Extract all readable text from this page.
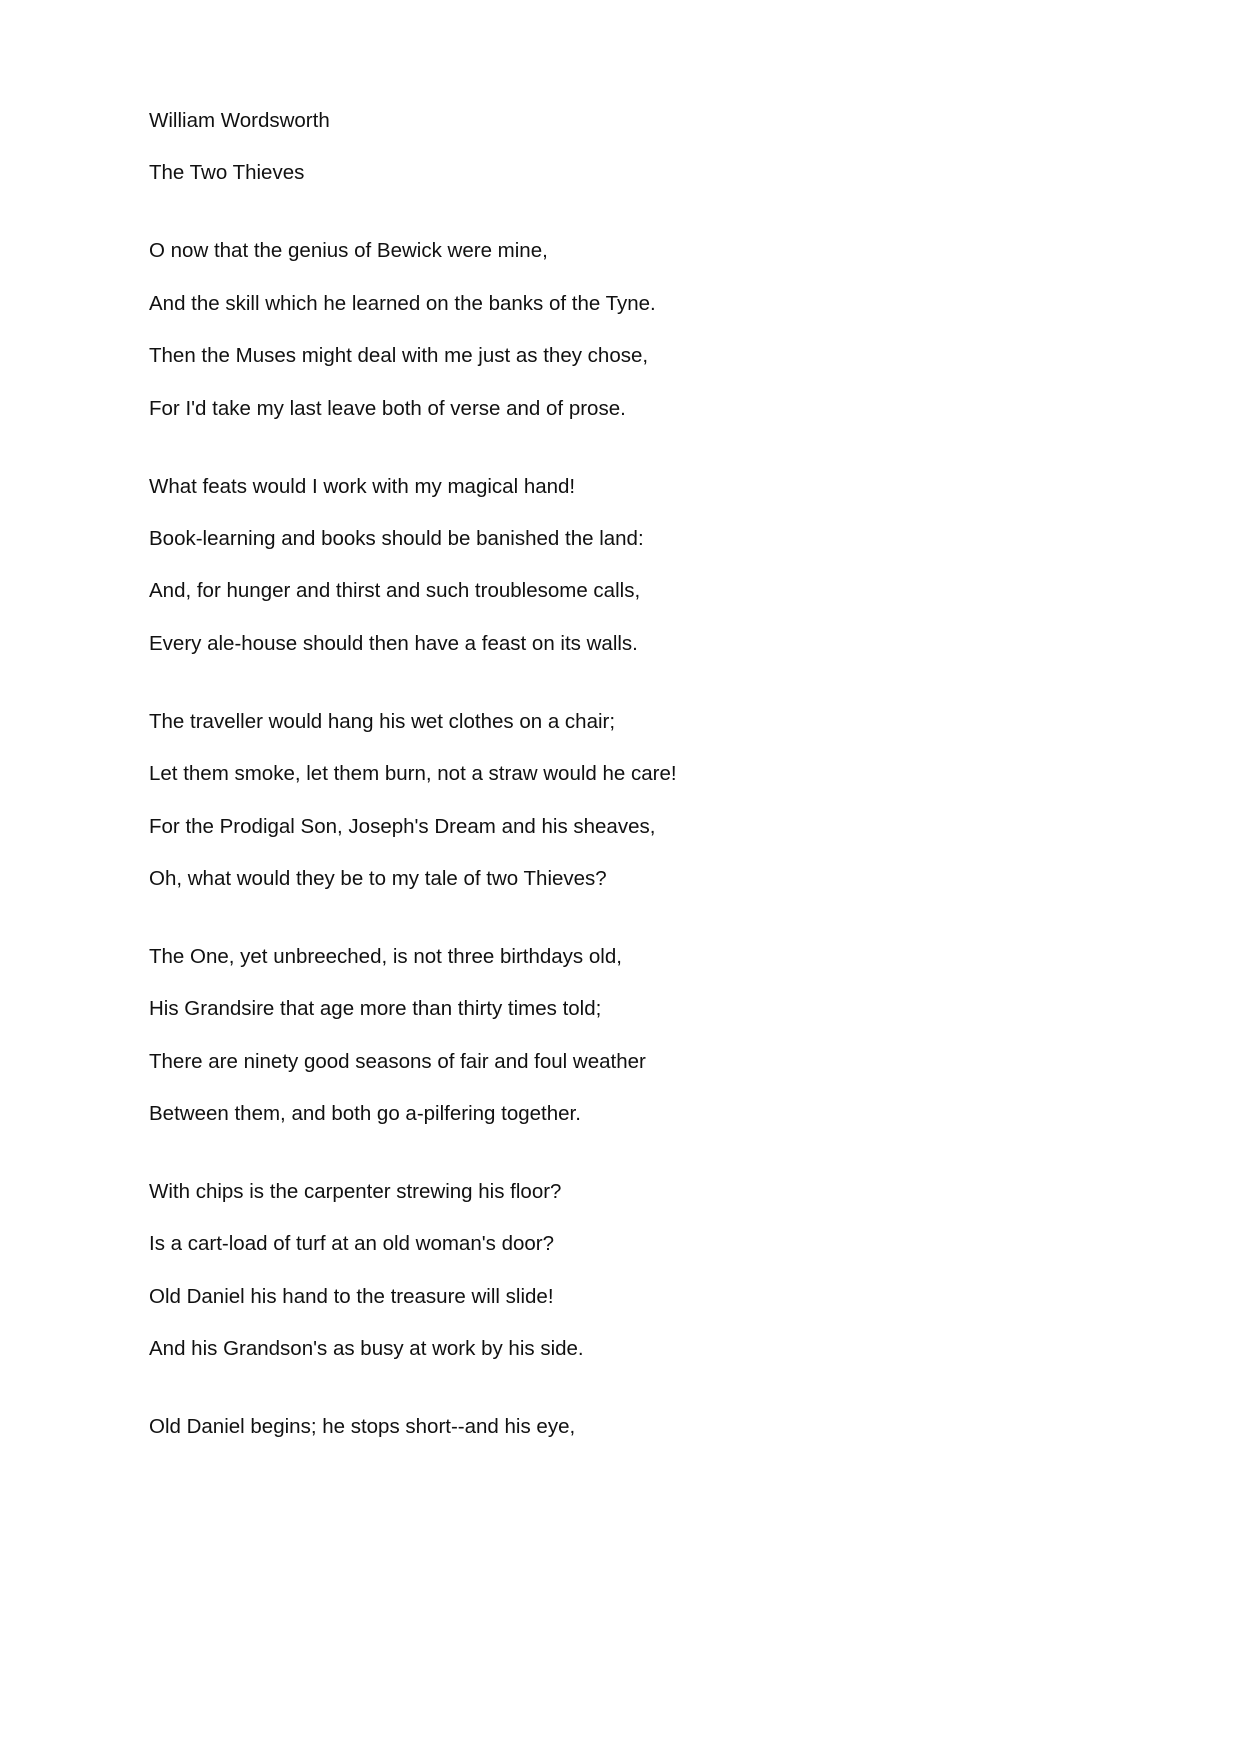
William Wordsworth
The Two Thieves
O now that the genius of Bewick were mine,
And the skill which he learned on the banks of the Tyne.
Then the Muses might deal with me just as they chose,
For I'd take my last leave both of verse and of prose.
What feats would I work with my magical hand!
Book-learning and books should be banished the land:
And, for hunger and thirst and such troublesome calls,
Every ale-house should then have a feast on its walls.
The traveller would hang his wet clothes on a chair;
Let them smoke, let them burn, not a straw would he care!
For the Prodigal Son, Joseph's Dream and his sheaves,
Oh, what would they be to my tale of two Thieves?
The One, yet unbreeched, is not three birthdays old,
His Grandsire that age more than thirty times told;
There are ninety good seasons of fair and foul weather
Between them, and both go a-pilfering together.
With chips is the carpenter strewing his floor?
Is a cart-load of turf at an old woman's door?
Old Daniel his hand to the treasure will slide!
And his Grandson's as busy at work by his side.
Old Daniel begins; he stops short--and his eye,
